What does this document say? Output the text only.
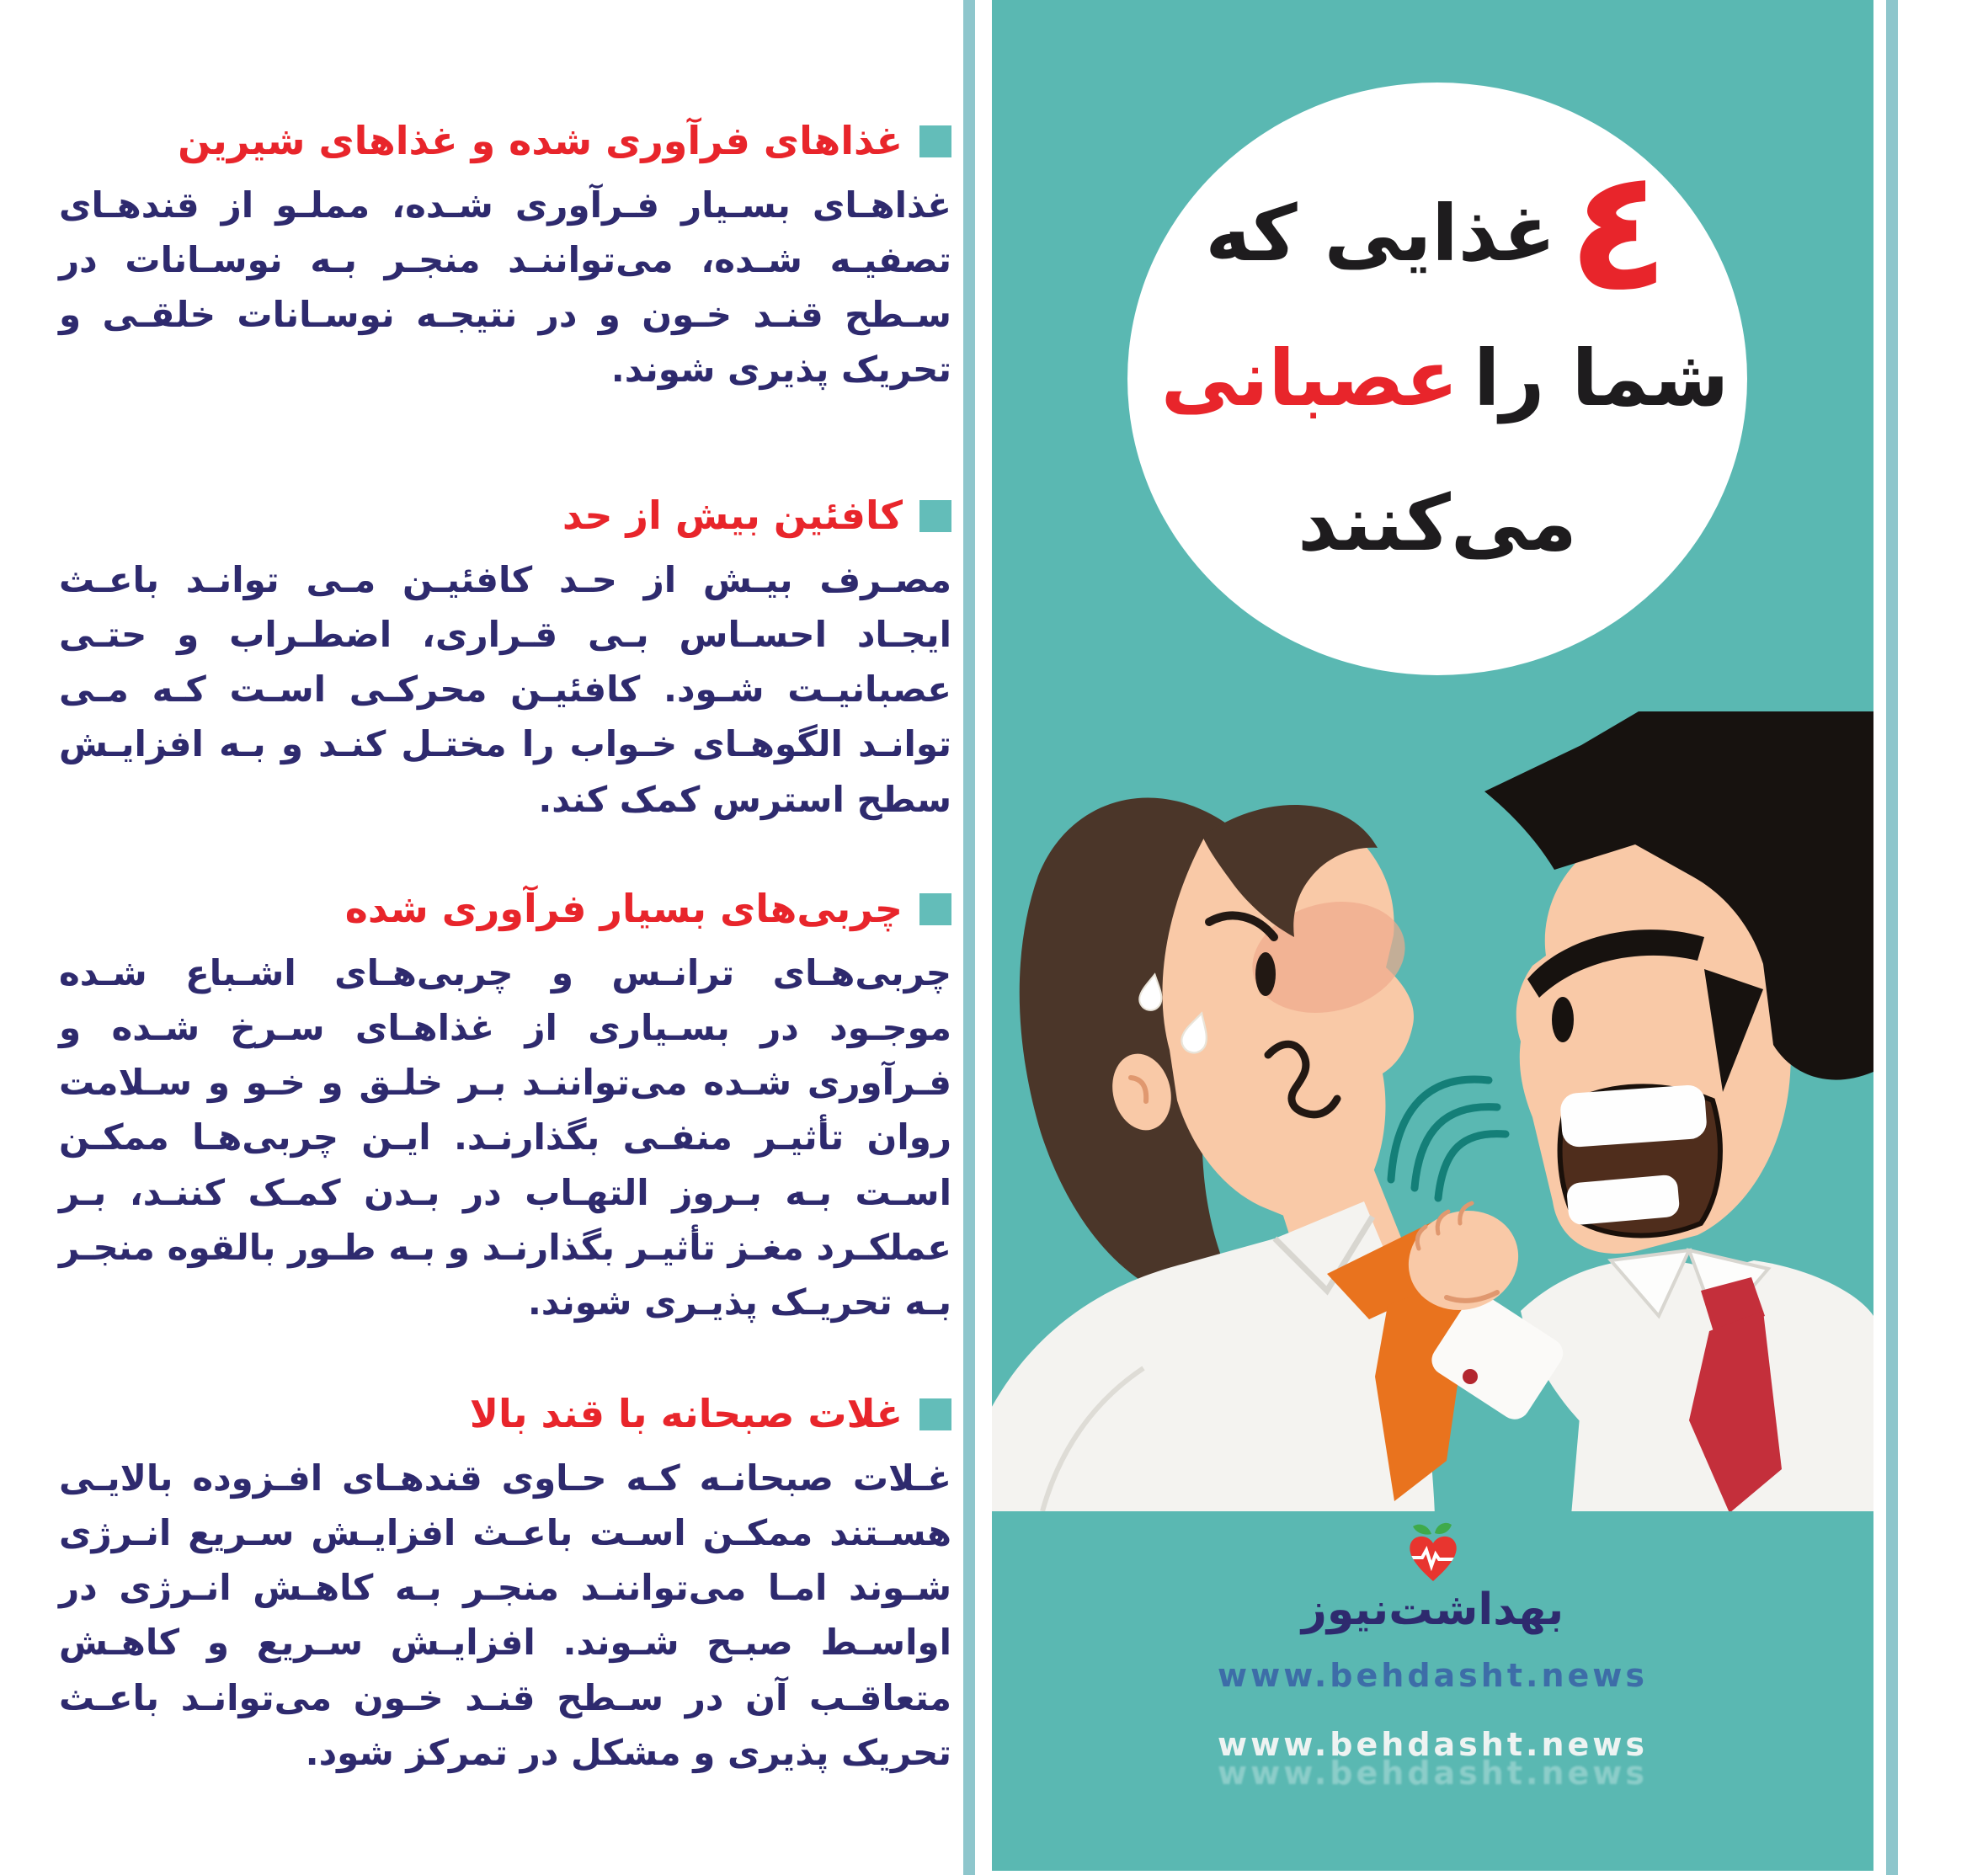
٤
غذایی که
شما را
عصبانی
می‌کنند
بهداشت‌نیوز
www.behdasht.news
www.behdasht.news
www.behdasht.news
غذاهای فرآوری شده و غذاهای شیرین
غذاهـای بسـیار فـرآوری شـده، مملـو از قندهـای تصفیـه شـده، می‌تواننـد منجـر بـه نوسـانات در سـطح قنـد خـون و در نتیجـه نوسـانات خلقـی و تحریک پذیری شوند.
کافئین بیش از حد
مصـرف بیـش از حـد کافئیـن مـی توانـد باعـث ایجـاد احسـاس بـی قـراری، اضطـراب و حتـی عصبانیـت شـود. کافئیـن محرکـی اسـت کـه مـی توانـد الگوهـای خـواب را مختـل کنـد و بـه افزایـش سطح استرس کمک کند.
چربی‌های بسیار فرآوری شده
چربی‌هـای ترانـس و چربی‌هـای اشـباع شـده موجـود در بسـیاری از غذاهـای سـرخ شـده و فـرآوری شـده می‌تواننـد بـر خلـق و خـو و سـلامت روان تأثیـر منفـی بگذارنـد. ایـن چربی‌هـا ممکـن اسـت بـه بـروز التهـاب در بـدن کمـک کننـد، بـر عملکـرد مغـز تأثیـر بگذارنـد و بـه طـور بالقوه منجـر بـه تحریـک پذیـری شوند.
غلات صبحانه با قند بالا
غـلات صبحانـه کـه حـاوی قندهـای افـزوده بالایـی هسـتند ممکـن اسـت باعـث افزایـش سـریع انـرژی شـوند امـا می‌تواننـد منجـر بـه کاهـش انـرژی در اواسـط صبـح شـوند. افزایـش سـریع و کاهـش متعاقـب آن در سـطح قنـد خـون می‌توانـد باعـث تحریک پذیری و مشکل در تمرکز شود.
